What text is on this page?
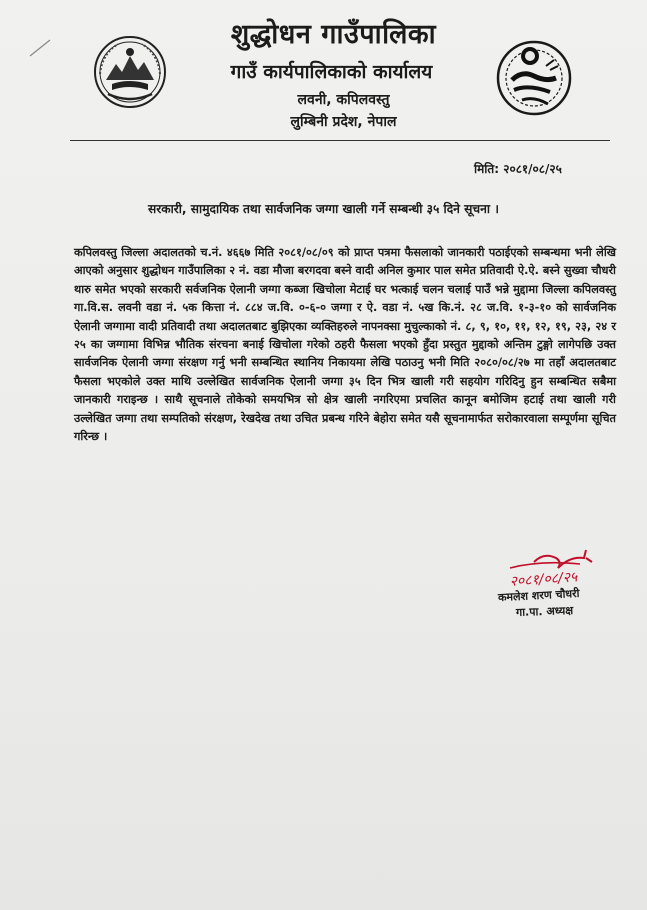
शुद्धोधन गाउँपालिका
गाउँ कार्यपालिकाको कार्यालय
लवनी, कपिलवस्तु
लुम्बिनी प्रदेश, नेपाल
मिति: २०८१/०८/२५
सरकारी, सामुदायिक तथा सार्वजनिक जग्गा खाली गर्ने सम्बन्धी ३५ दिने सूचना ।
कपिलवस्तु जिल्ला अदालतको च.नं. ४६६७ मिति २०८१/०८/०९ को प्राप्त पत्रमा फैसलाको जानकारी पठाईएको सम्बन्धमा भनी लेखि आएको अनुसार शुद्धोधन गाउँपालिका २ नं. वडा मौजा बरगदवा बस्ने वादी अनिल कुमार पाल समेत प्रतिवादी ऐ.ऐ. बस्ने सुख्वा चौधरी थारु समेत भएको सरकारी सर्वजनिक ऐलानी जग्गा कब्जा खिचोला मेटाई घर भत्काई चलन चलाई पाउँ भन्ने मुद्दामा जिल्ला कपिलवस्तु गा.वि.स. लवनी वडा नं. ५क कित्ता नं. ८८४ ज.वि. ०-६-० जग्गा र ऐ. वडा नं. ५ख कि.नं. २८ ज.वि. १-३-१० को सार्वजनिक ऐलानी जग्गामा वादी प्रतिवादी तथा अदालतबाट बुझिएका व्यक्तिहरुले नापनक्सा मुचुल्काको नं. ८, ९, १०, ११, १२, १९, २३, २४ र २५ का जग्गामा विभिन्न भौतिक संरचना बनाई खिचोला गरेको ठहरी फैसला भएको हुँदा प्रस्तुत मुद्दाको अन्तिम टुङ्गो लागेपछि उक्त सार्वजनिक ऐलानी जग्गा संरक्षण गर्नु भनी सम्बन्धित स्थानिय निकायमा लेखि पठाउनु भनी मिति २०८०/०८/२७ मा तहाँ अदालतबाट फैसला भएकोले उक्त माथि उल्लेखित सार्वजनिक ऐलानी जग्गा ३५ दिन भित्र खाली गरी सहयोग गरिदिनु हुन सम्बन्धित सबैमा जानकारी गराइन्छ । साथै सूचनाले तोकेको समयभित्र सो क्षेत्र खाली नगरिएमा प्रचलित कानून बमोजिम हटाई तथा खाली गरी उल्लेखित जग्गा तथा सम्पतिको संरक्षण, रेखदेख तथा उचित प्रबन्ध गरिने बेहोरा समेत यसै सूचनामार्फत सरोकारवाला सम्पूर्णमा सूचित गरिन्छ ।
२०८१/०८/२५
कमलेश शरण चौधरी
गा.पा. अध्यक्ष
